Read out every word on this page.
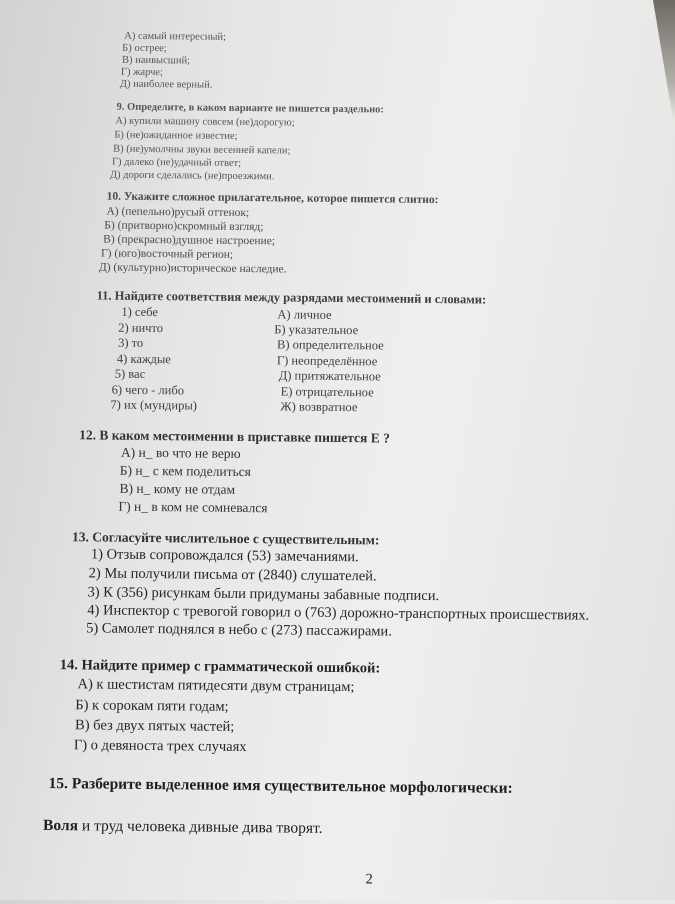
А) самый интересный;
Б) острее;
В) наивысший;
Г) жарче;
Д) наиболее верный.
9. Определите, в каком варианте не пишется раздельно:
А) купили машину совсем (не)дорогую;
Б) (не)ожиданное известие;
В) (не)умолчны звуки весенней капели;
Г) далеко (не)удачный ответ;
Д) дороги сделались (не)проезжими.
10. Укажите сложное прилагательное, которое пишется слитно:
А) (пепельно)русый оттенок;
Б) (притворно)скромный взгляд;
В) (прекрасно)душное настроение;
Г) (юго)восточный регион;
Д) (культурно)историческое наследие.
11. Найдите соответствия между разрядами местоимений и словами:
1) себе
2) ничто
3) то
4) каждые
5) вас
6) чего - либо
7) их (мундиры)
А) личное
Б) указательное
В) определительное
Г) неопределённое
Д) притяжательное
Е) отрицательное
Ж) возвратное
12. В каком местоимении в приставке пишется Е ?
А) н_ во что не верю
Б) н_ с кем поделиться
В) н_ кому не отдам
Г) н_ в ком не сомневался
13. Согласуйте числительное с существительным:
1) Отзыв сопровождался (53) замечаниями.
2) Мы получили письма от (2840) слушателей.
3) К (356) рисункам были придуманы забавные подписи.
4) Инспектор с тревогой говорил о (763) дорожно-транспортных происшествиях.
5) Самолет поднялся в небо с (273) пассажирами.
14. Найдите пример с грамматической ошибкой:
А) к шестистам пятидесяти двум страницам;
Б) к сорокам пяти годам;
В) без двух пятых частей;
Г) о девяноста трех случаях
15. Разберите выделенное имя существительное морфологически:
Воля и труд человека дивные дива творят.
2
